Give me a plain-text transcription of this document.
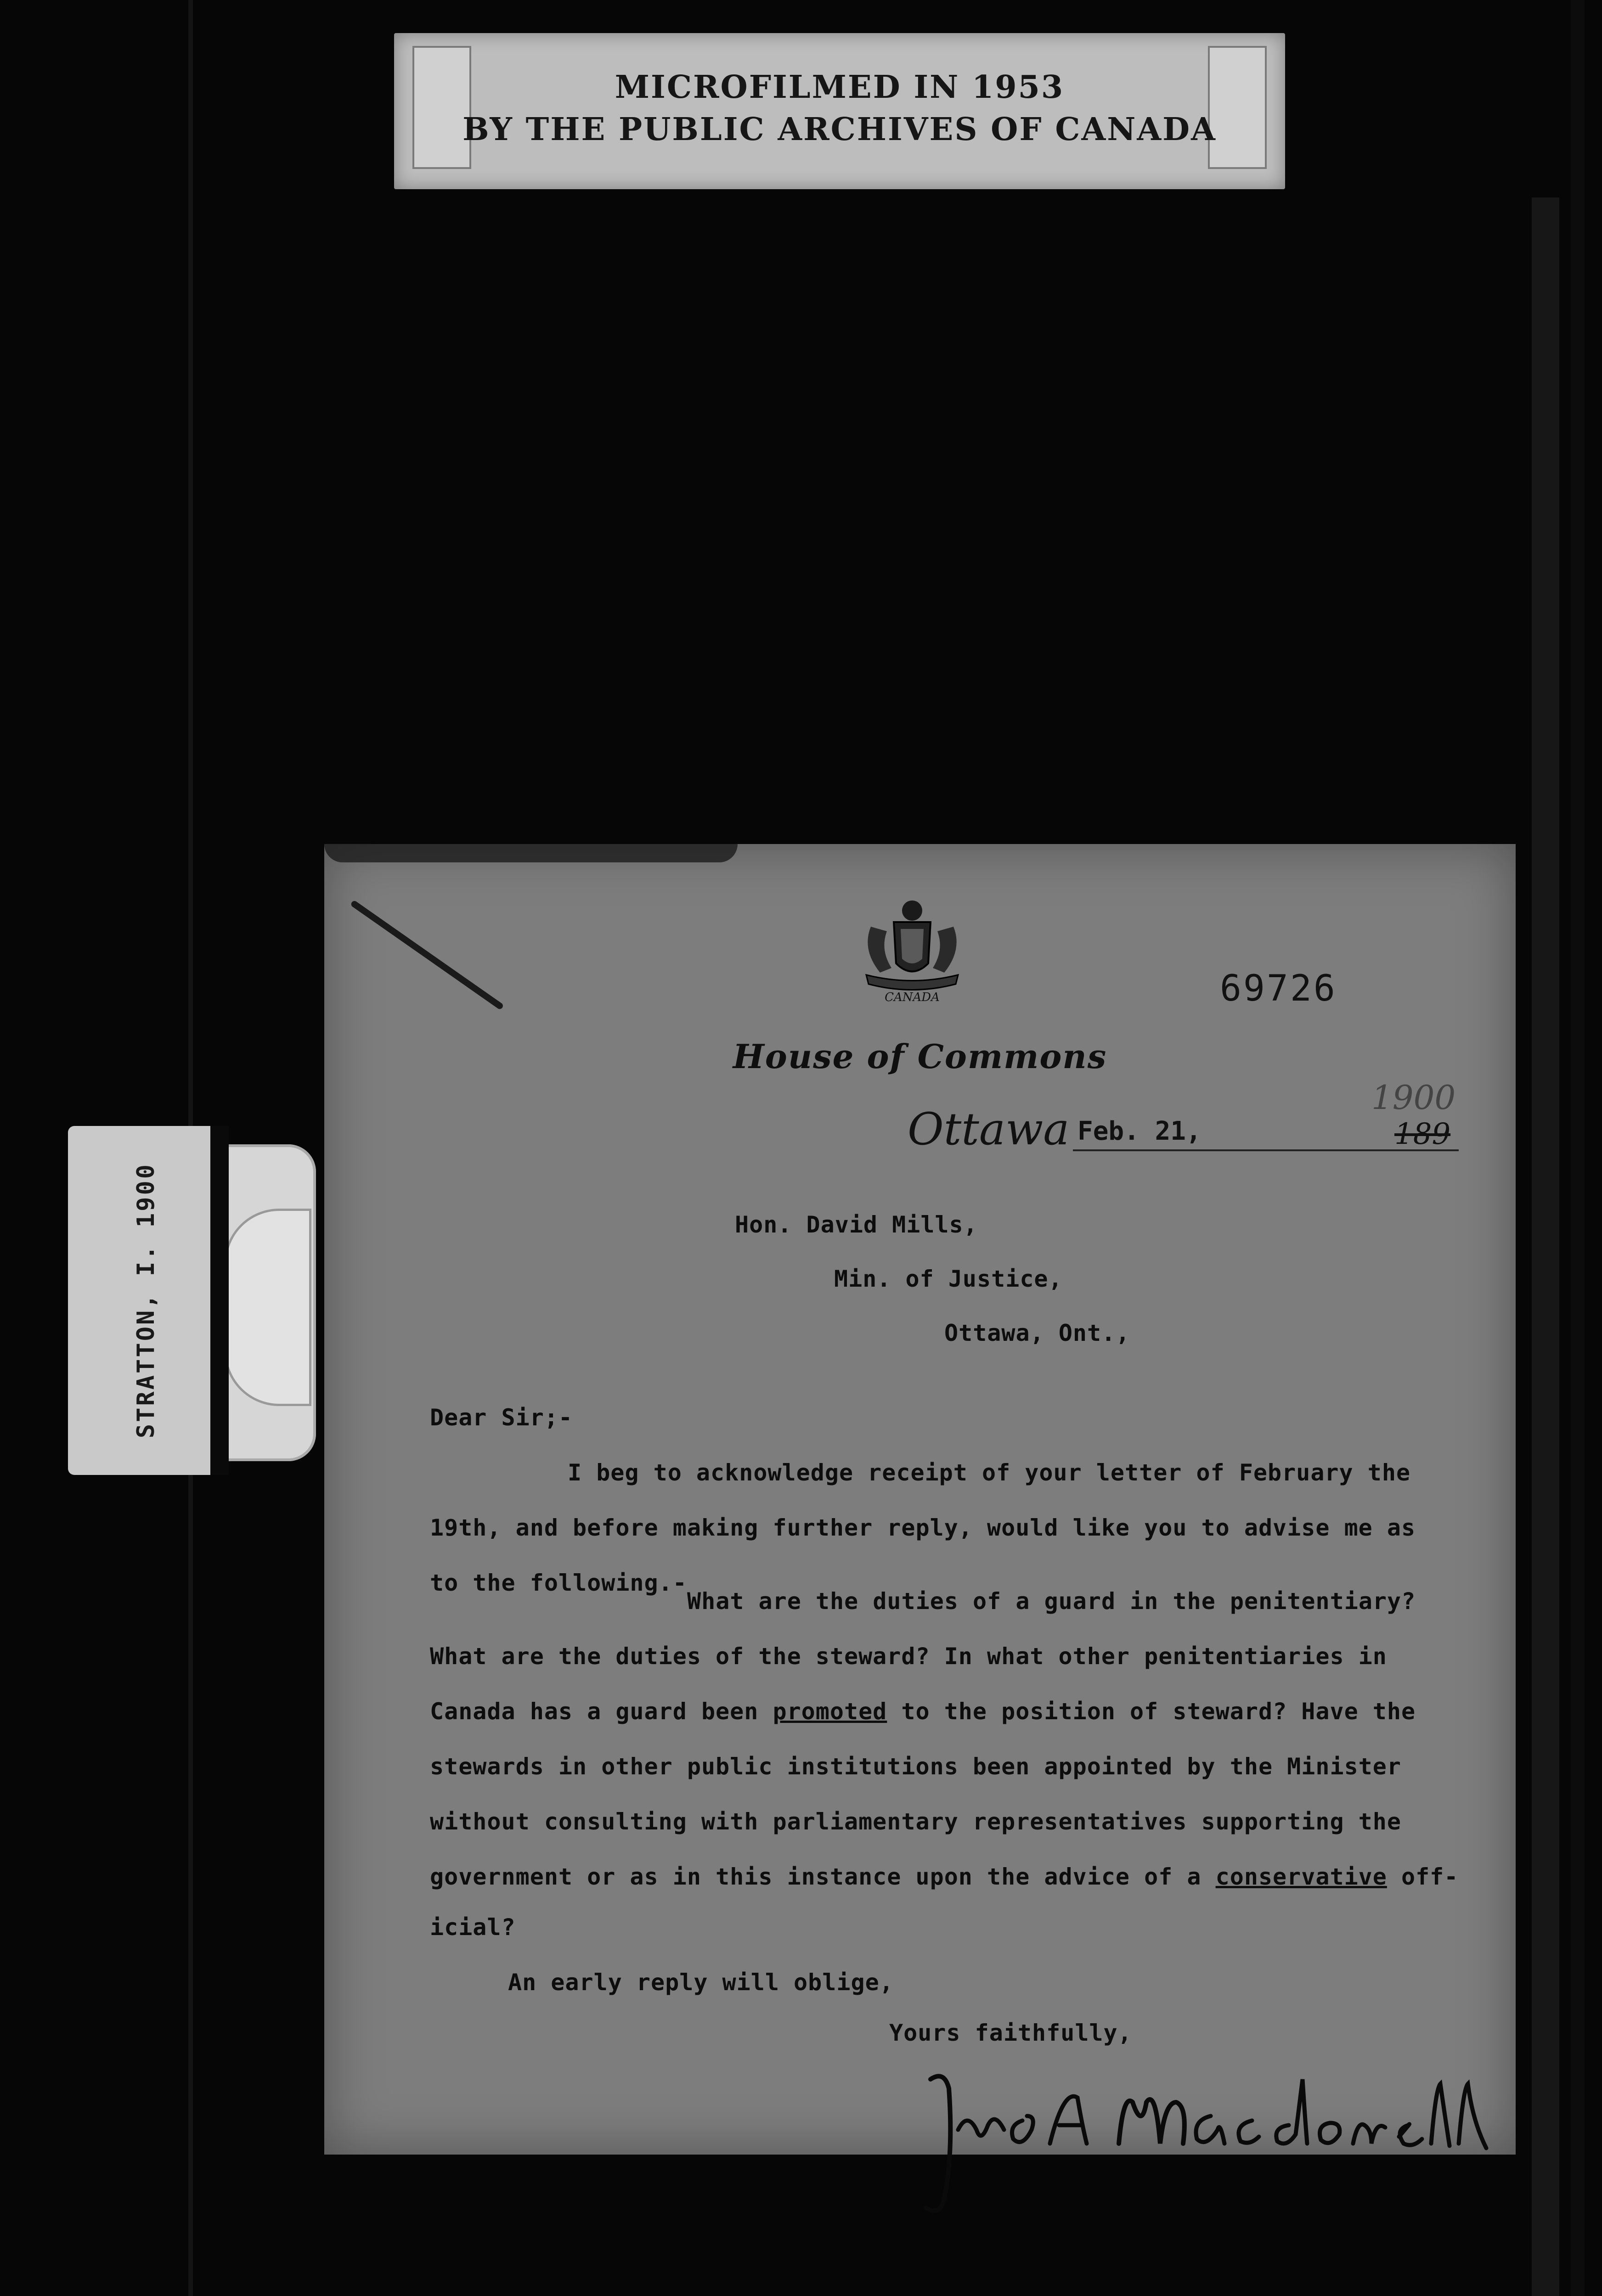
MICROFILMED IN 1953
BY THE PUBLIC ARCHIVES OF CANADA
STRATTON, I. 1900
CANADA	69726
House of Commons
Ottawa Feb. 21,	189
1900
Hon. David Mills,
Min. of Justice,
Ottawa, Ont.,
Dear Sir;-
I beg to acknowledge receipt of your letter of February the
19th, and before making further reply, would like you to advise me as
to the following.-
What are the duties of a guard in the penitentiary?
What are the duties of the steward? In what other penitentiaries in
Canada has a guard been promoted to the position of steward? Have the
stewards in other public institutions been appointed by the Minister
without consulting with parliamentary representatives supporting the
government or as in this instance upon the advice of a conservative off-
icial?
An early reply will oblige,
Yours faithfully,
